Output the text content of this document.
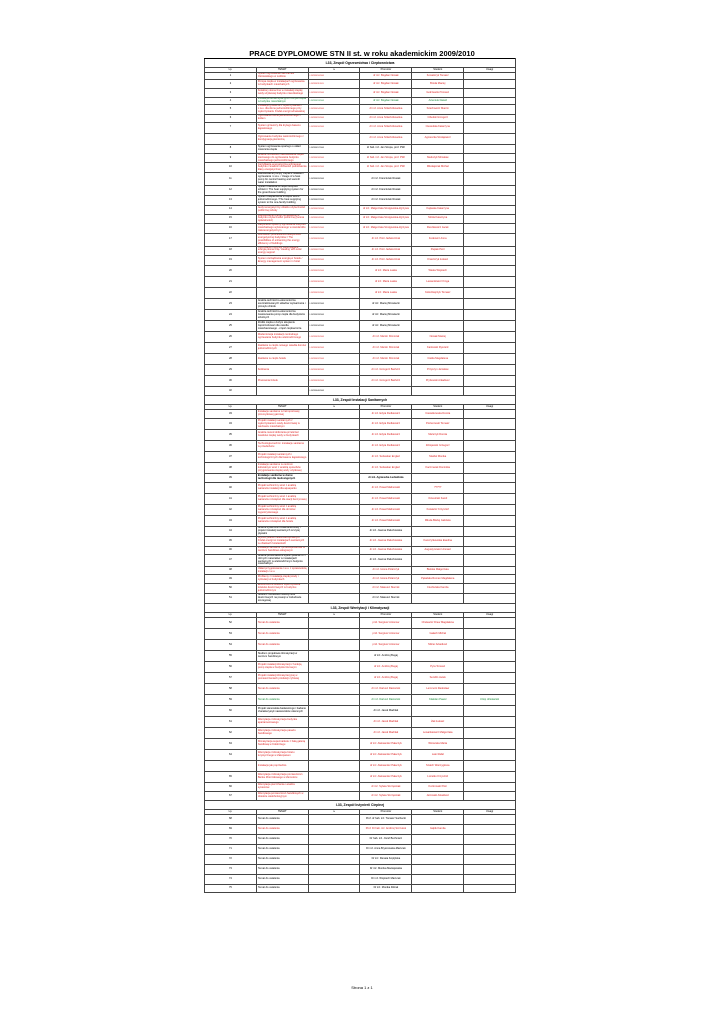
PRACE DYPLOMOWE STN II st. w roku akademickim 2009/2010
I-33, Zespół Ogrzewnictwa i Ciepłownictwa					
Lp.	TEMAT	Nr	Promotor	Student	Uwagi
1	System ogrzewania Sali Zamku Ostrowskiego w Lublinie	I-33/2MS/10/2009	dr inż. Bogdan Nowak	Kowalczyk Tomasz	
2	Pompa ciepła w instalacjach ogrzewania w budynkach mieszkalnych	I-33/2MS/11/2009	dr inż. Bogdan Nowak	Broda Maciej	
3	Kolektory słoneczne w instalacji ciepłej wody użytkowej budynku mieszkalnego	I-33/2MS/12/2009	dr inż. Bogdan Nowak	Gołczewski Tomasz	
4	Instalacja ekowentylacyjna i odzysk ciepła w budynku mieszkalnym	I-33/2MS/13/2009	dr inż. Bogdan Nowak	Artemiuk Dawid	
5	Instalacje grzewcze z wykorzystaniem c.w.u. dla domu jednorodzinnego przy wykorzystaniu źródeł energii odnawialnej	I-33/2MS/14/2009	dr inż. Anna Szlachcikowska	Szachowicz Marcin	
6	Ogrzewanie domu jednorodzinnego z kotłem	I-33/2MS/15/2009	dr inż. Anna Szlachcikowska	Cibelski Grzegorz	
7	System grzewczy dla krytego basenu kąpielowego	I-33/2MS/16/2009	dr inż. Anna Szlachcikowska	Ciesielska Katarzyna	
	Ogrzewanie budynku wielorodzinnego z kondygnacją piwniczną		dr inż. Anna Szlachcikowska	Agnieszka Szołajewicz	
8	System ogrzewania opartego o układ mieszania ciepła	I-33/2MS/17/2009	dr hab. inż. Jan Szopa, prof. PWr		
9	Analiza możliwości zastosowania ciepła sieciowego do ogrzewania budynku mieszkalnego jednorodzinnego	I-33/2MS/18/2009	dr hab. inż. Jan Szopa, prof. PWr	Niedużyk Mirosław	
10	Certyfikacja energetyczna wybranego budynku i analiza możliwości podniesienia klasy energetycznej	I-33/2MS/19/2009	dr hab. inż. Jan Szopa, prof. PWr	Mikołajczak Michał	
11	Zastosowanie pompy ciepła w układach ogrzewania i c.w.u. / Usage of a heat pump for central heating and warmth water installation	I-33/2MS/20/2009	dr inż. Franciszek Rusiak		
12	System zasilania w ciepło budynku szklarni / The heat supplying system for the greenhouse building	I-33/2MS/21/2009	dr inż. Franciszek Rusiak		
13	System zaopatrzenia w ciepło domu jednorodzinnego / The heat supplying system to the one-family building	I-33/2MS/22/2009	dr inż. Franciszek Rusiak		
14	Audyt energetyczny obiektu użyteczności publicznej szkoły	I-33/2MS/23/2009	dr inż. Małgorzata Szulgowska-Zgrzywa	Kajtaska Katarzyna	
15	Zastosowanie energii odnawialnej w budynku użyteczności publicznej (ocena opłacalności)	I-33/2MS/24/2009	dr inż. Małgorzata Szulgowska-Zgrzywa	Mróła Katarzyna	
16	Racjonalne systemy ogrzewania budynku mieszkalnego wykonanego w standardzie niskoenergetycznym	I-33/2MS/25/2009	dr inż. Małgorzata Szulgowska-Zgrzywa	Ruszkiewicz Jacek	
17	Możliwości podniesienia efektywności energetycznej budynków / The possibilities of enhancing the energy efficiency of buildings	I-33/2MS/26/2009	dr inż. Piotr Jadwiszczak	Fedewicz Anna	
18	Ogrzewanie budynku wspomagane energią słoneczną / Heating with solar energy support	I-33/2MS/27/2009	dr inż. Piotr Jadwiszczak	Papiak Piotr	
19	System zarządzania energią w hotelu / Energy management system in hotel	I-33/2MS/28/2009	dr inż. Piotr Jadwiszczak	Kraszczyk Łukasz	
20		I-33/2MS/29/2009	dr inż. Maria Laska	Wieka Wojciech	
21		I-33/2MS/30/2009	dr inż. Maria Laska	Lewandowicz Kinga	
22		I-33/2MS/31/2009	dr inż. Maria Laska	Kołodziejczyk Tomasz	
23	Analiza techniczno-ekonomiczna scentralizowanych układów wytwarzania i przesyłu chłodu	I-33/2MS/32/2009	dr inż. Maciej Mrowiecki		
24	Analiza techniczno-ekonomiczna zastosowania pomp ciepła dla budynków szkolnych	I-33/2MS/33/2009	dr inż. Maciej Mrowiecki		
25	Źródło ciepła o dużym skupieniu zapotrzebowań dla osiedla mieszkaniowego - część ciepłownicza	I-33/2MS/34/2009	dr inż. Maciej Mrowiecki		
26	Modernizacja instalacji centralnego ogrzewania budynku wielorodzinnego	I-33/2MS/35/2009	dr inż. Marcin Klimczak	Nowak Maciej	
27	Zasilanie w ciepło nowego osiedla domów jednorodzinnych	I-33/2MS/36/2009	dr inż. Marcin Klimczak	Karlowski Ryszard	
28	Zasilanie w ciepło hotelu	I-33/2MS/37/2009	dr inż. Marcin Klimczak	Ciekła Magdalena	
29	Kotłownia	I-33/2MS/38/2009	dr inż. Grzegorz Bachórz	Przyszyn Jarosław	
30	Pracownia fortelu	I-33/2MS/39/2009	dr inż. Grzegorz Bachórz	Prybewski Arkadiusz	
32		I-33/2MS/40/2009			
I-33, Zespół Instalacji Sanitarnych					
Lp.	TEMAT	Nr	Promotor	Student	Uwagi
33	Instalacje sanitarne w hali sportowej przemysłowej gazowej		dr inż. Edyta Dudkiewicz	Ciesielkowska Dorota	
34	Projekt instalacji sanitarnych z wykorzystaniem wody deszczowej w wieżowcu mieszkalnym		dr inż. Edyta Dudkiewicz	Pozierowski Tomasz	
35	Analiza metod obliczania przeliczeń zasobów ciepłej wody w budynkach		dr inż. Edyta Dudkiewicz	Mańczyk Dorota	
36	Technologia kuchni i instalacje sanitarne w przedszkolu		dr inż. Edyta Dudkiewicz	Zdrojewski Grzegorz	
37	Projekt instalacji sanitarnych i technologicznych dla basenu kąpielowego		dr inż. Sebastian Englert	Mardeł Monika	
38	Instalacje sanitarne w centrum kulturalnym wraz z analizą sposobów przygotowania ciepłej wody użytkowej		dr inż. Sebastian Englert	Kaczmarek Dominika	
39	Instalacje sanitarne w domu technologii dla niedostępnych		dr inż. Agnieszka Ludwińska		
40	Projekt techniczny wraz z analizą warianów instalacji dla aquaparku		dr inż. Paweł Malinowski	?????	
41	Projekt techniczny wraz z analizą warianów rozwiązań dla stacji benzynowej		dr inż. Paweł Malinowski	Ociesiński Kamil	
42	Projekt techniczny wraz z analizą warianów rozwiązań dla obrotów wypoczynkowego		dr inż. Paweł Malinowski	Kulaiwicz Krzysztof	
43	Projekt techniczny wraz z analizą warianów rozwiązań dla hotelu		dr inż. Paweł Malinowski	Mikuła Błażej Gabriela	
44	Analiza systemów uzdatniania wody i projekt instalacji sanitarnych w krytej pływalni		dr inż. Joanna Pałuchowska		
45	Wykorzystanie niekonwencjonalnych źródeł energii w instalacjach sanitarnych w obiektach hotelarskich		dr inż. Joanna Pałuchowska	Kanczyńkowska Ewelina	
46	Instalacje sanitarne i przeciwpożarowe w centrum handlowo-usługowym		dr inż. Joanna Pałuchowska	Augustynowicz Annasz	
47	Analiza porównawcza wykorzystania rur z różnych materiałów w instalacjach sanitarnych w wielorodzinnym budynku mieszkalnym		dr inż. Joanna Pałuchowska		
48	Układ przygotowania c.w.u. z sprawnością instalacji c.w.u.		dr inż. Iwona Polarczyk	Bielska Małgorzata	
49	Problemy z instalacją ciepłej wody i cyrkulacji w budynkach		dr inż. Iwona Polarczyk	Pękalska Roman Magdalena	
50	Ekonomiczne studium wykorzystania ścieków deszczowych w budynku jednorodzinnym		dr inż. Mateusz Skurnik	Ciuchulska Kamila	
51	Studium możliwości retencji wód deszczowych na posesji w zabudowie szeregowej		dr inż. Mateusz Skurnik		
I-33, Zespół Wentylacji i Klimatyzacji					
Lp.	TEMAT	Nr	Promotor	Student	Uwagi
52	Temat do ustalenia		prof. Sergiusz Antonow	Chelewicz Drew Magdalena	
53	Temat do ustalenia		prof. Sergiusz Antonow	Gałach Michał	
54	Temat do ustalenia		prof. Sergiusz Antonow	Milcer Arkadiusz	
55	Studium projektowe klimatyzacji w centrum handlowym		dr inż. Andrzej Bugaj		
56	Projekt instalacji klimatyzacji z funkcją pomp ciepła w budynku biurowym		dr inż. Andrzej Bugaj	Pyra Tomasz	
57	Projekt instalacji klimatyzacyjnej w pomieszczeniach produkcji cyfrowej		dr inż. Andrzej Bugaj	Sendlin Jacek	
58	Temat do ustalenia		dr inż. Dariusz Rastoński	Lemmont Radosław	
59	Temat do ustalenia		dr inż. Dariusz Rastoński	Kłaśdan Paweł	Urlop dziekański
60	Projekt stanowiska badawczego i badanie charakterystyk nawiewników okiennych		dr inż. Jacek Madrlak		
61	Wentylacja i klimatyzacja budynku apartamentowego		dr inż. Jacek Madrlak	Żak Łukasz	
62	Wentylacja i klimatyzacja pasażu handlowego		dr inż. Jacek Madrlak	Lewańkiewicz Małgorzata	
63	Klimatyzacja supermarketu z halą galerią handlową w Kołobrzegu		dr inż. Aleksander Pałeczyk	Winiarska Marta	
64	Wentylacja i klimatyzacja hotelu turystycznego w Zakopanem		dr inż. Aleksander Pałeczyk	Lato Rafał	
	Instalacje jak poprzednio		dr inż. Aleksander Pałeczyk	Szatch Wierzygłowa	
65	Wentylacja i klimatyzacja pomieszczeń Banku Zbiornikowego w Zamościu		dr inż. Aleksander Pałeczyk	Łotrelko Krzysztof	
66	Wentylacja pierzchania i analiza systemów		dr inż. Sylwia Szczęśniak	Kozirowski Piotr	
67	Wentylacja pomieszczeń handlowych w obiekcie wielofunkcyjnym		dr inż. Sylwia Szczęśniak	Jeżowski Arkadiusz	
I-33, Zespół Inżynierii Cieplnej					
Lp.	TEMAT	Nr	Promotor	Student	Uwagi
68	Temat do ustalenia		Prof. dr hab. inż. Tomasz Suchecki		
69	Temat do ustalenia		Prof. Dr hab. inż. Andrzej Szczurek	Gąbik Kamila	
70	Temat do ustalenia		Dr hab. inż. Józef Bochniarz		
71	Temat do ustalenia		Dr inż. Anna Bryszewska-Mazurek		
72	Temat do ustalenia		Dr inż. Renata Kopijńska		
73	Temat do ustalenia		Dr inż. Monika Maciejewska		
74	Temat do ustalenia		Dr inż. Wojciech Mazurek		
75	Temat do ustalenia		Dr inż. Monika Różak		
Strona 1 z 1
